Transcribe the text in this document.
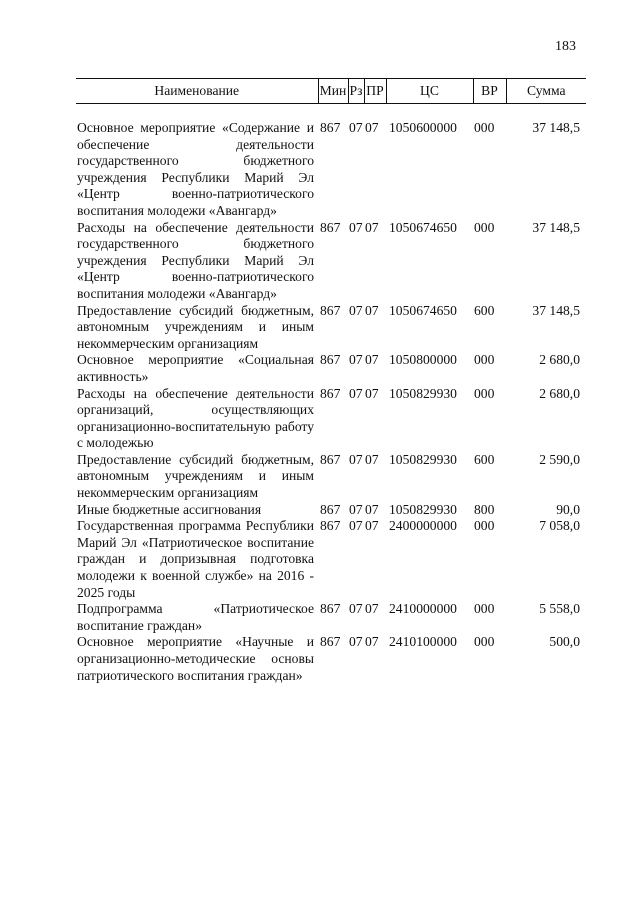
183
Наименование	Мин	Рз	ПР	ЦС	ВР	Сумма

Основное мероприятие «Содержание и обеспечение деятельности государственного бюджетного учреждения Республики Марий Эл «Центр военно-патриотического воспитания молодежи «Авангард»	867	07	07	1050600000	000	37 148,5
Расходы на обеспечение деятельности государственного бюджетного учреждения Республики Марий Эл «Центр военно-патриотического воспитания молодежи «Авангард»	867	07	07	1050674650	000	37 148,5
Предоставление субсидий бюджетным, автономным учреждениям и иным некоммерческим организациям	867	07	07	1050674650	600	37 148,5
Основное мероприятие «Социальная активность»	867	07	07	1050800000	000	2 680,0
Расходы на обеспечение деятельности организаций, осуществляющих организационно-воспитательную работу с молодежью	867	07	07	1050829930	000	2 680,0
Предоставление субсидий бюджетным, автономным учреждениям и иным некоммерческим организациям	867	07	07	1050829930	600	2 590,0
Иные бюджетные ассигнования	867	07	07	1050829930	800	90,0
Государственная программа Республики Марий Эл «Патриотическое воспитание граждан и допризывная подготовка молодежи к военной службе» на 2016 - 2025 годы	867	07	07	2400000000	000	7 058,0
Подпрограмма «Патриотическое воспитание граждан»	867	07	07	2410000000	000	5 558,0
Основное мероприятие «Научные и организационно-методические основы патриотического воспитания граждан»	867	07	07	2410100000	000	500,0
